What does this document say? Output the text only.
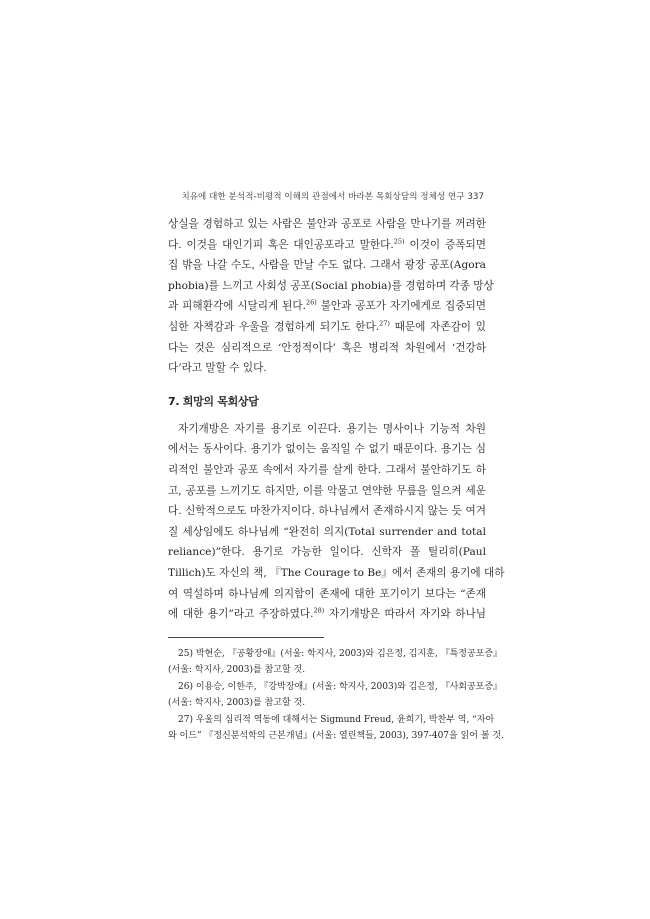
치유에 대한 분석적-비평적 이해의 관점에서 바라본 목회상담의 정체성 연구 337

상실을 경험하고 있는 사람은 불안과 공포로 사람을 만나기를 꺼려한
다. 이것을 대인기피 혹은 대인공포라고 말한다.$^{25)}$ 이것이 증폭되면
집 밖을 나갈 수도, 사람을 만날 수도 없다. 그래서 광장 공포(Agora
phobia)를 느끼고 사회성 공포(Social phobia)를 경험하며 각종 망상
과 피해환각에 시달리게 된다.$^{26)}$ 불안과 공포가 자기에게로 집중되면
심한 자책감과 우울을 경험하게 되기도 한다.$^{27)}$ 때문에 자존감이 있
다는 것은 심리적으로 ‘안정적이다’ 혹은 병리적 차원에서 ‘건강하
다’라고 말할 수 있다.

7. 희망의 목회상담

자기개방은 자기를 용기로 이끈다. 용기는 명사이나 기능적 차원
에서는 동사이다. 용기가 없이는 움직일 수 없기 때문이다. 용기는 심
리적인 불안과 공포 속에서 자기를 살게 한다. 그래서 불안하기도 하
고, 공포를 느끼기도 하지만, 이를 악물고 연약한 무릎을 일으켜 세운
다. 신학적으로도 마찬가지이다. 하나님께서 존재하시지 않는 듯 여겨
질 세상임에도 하나님께 “완전히 의지(Total surrender and total
reliance)”한다. 용기로 가능한 일이다. 신학자 폴 틸리히(Paul
Tillich)도 자신의 책, 『The Courage to Be』에서 존재의 용기에 대하
여 역설하며 하나님께 의지함이 존재에 대한 포기이기 보다는 “존재
에 대한 용기”라고 주장하였다.$^{28)}$ 자기개방은 따라서 자기와 하나님

25) 박현순, 『공황장애』(서울: 학지사, 2003)와 김은정, 김지훈, 『특정공포증』
(서울: 학지사, 2003)를 참고할 것.
26) 이용승, 이한주, 『강박장애』(서울: 학지사, 2003)와 김은정, 『사회공포증』
(서울: 학지사, 2003)를 참고할 것.
27) 우울의 심리적 역동에 대해서는 Sigmund Freud, 윤희기, 박찬부 역, “자아
와 이드” 『정신분석학의 근본개념』(서울: 열린책들, 2003), 397-407을 읽어 볼 것.
